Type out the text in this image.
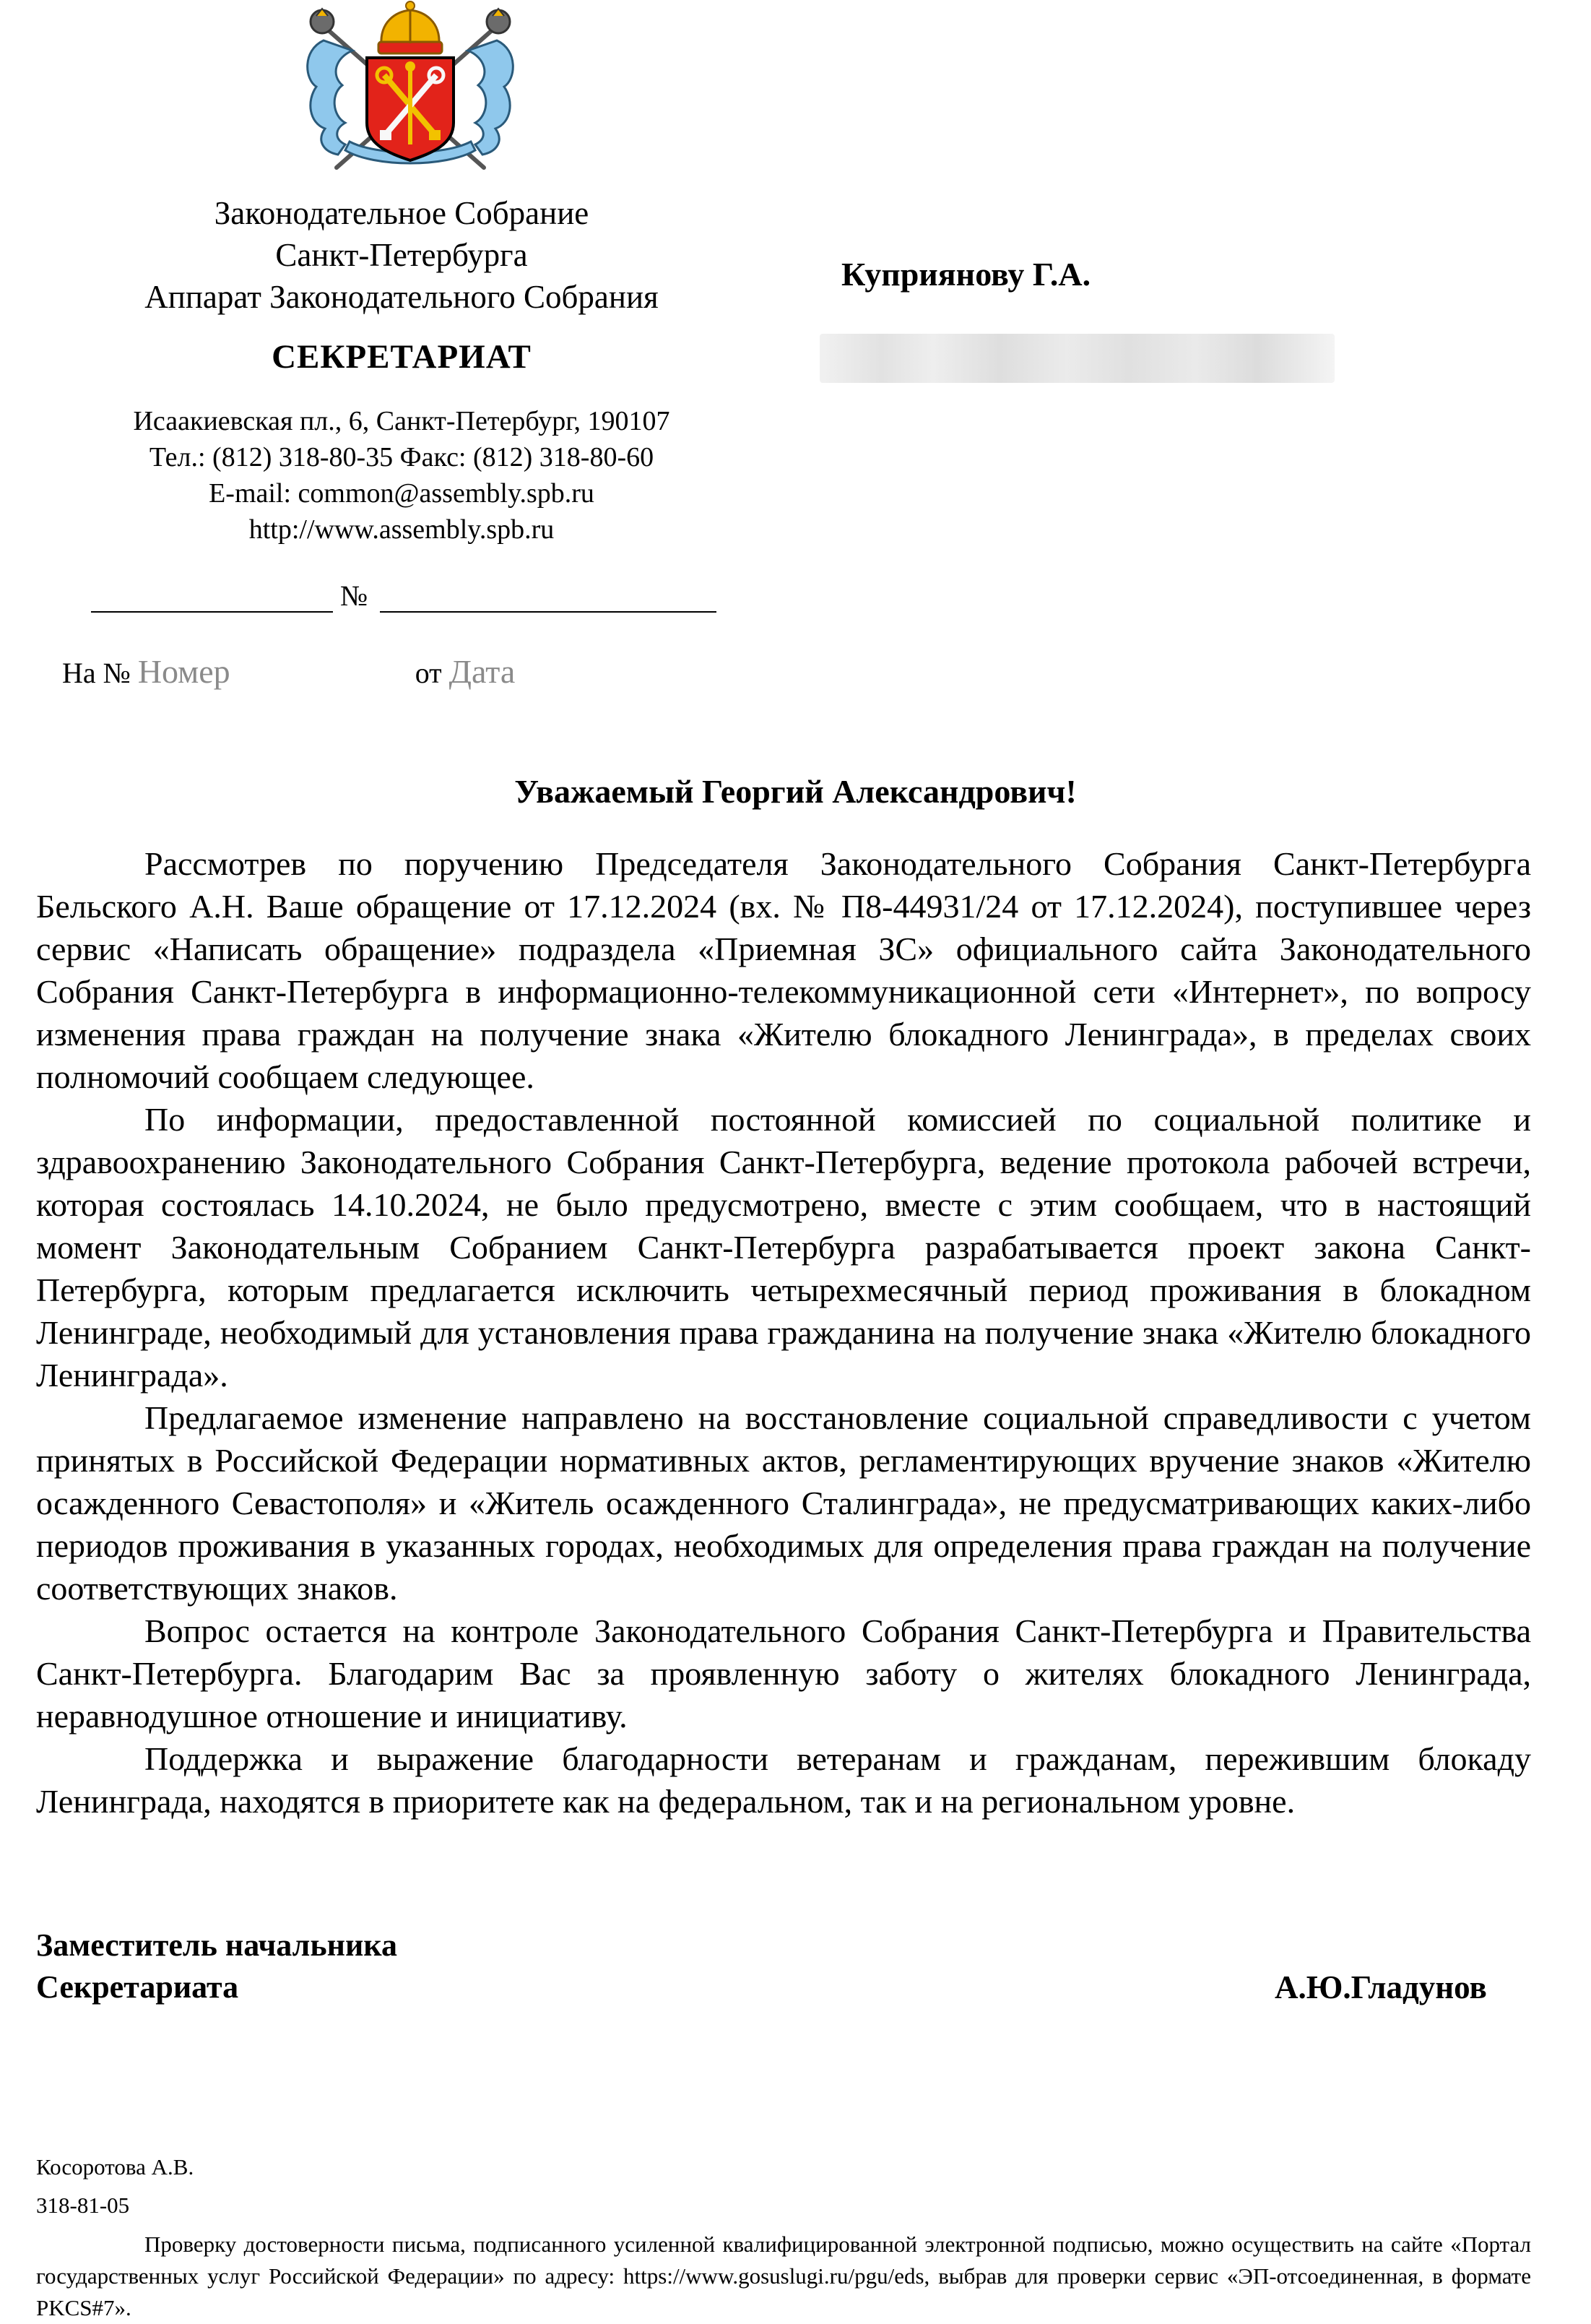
Законодательное Собрание
Санкт-Петербурга
Аппарат Законодательного Собрания
СЕКРЕТАРИАТ
Исаакиевская пл., 6, Санкт-Петербург, 190107
Тел.: (812) 318-80-35 Факс: (812) 318-80-60
E-mail: common@assembly.spb.ru
http://www.assembly.spb.ru
№
На № Номер	от Дата
Куприянову Г.А.
Уважаемый Георгий Александрович!

Рассмотрев по поручению Председателя Законодательного Собрания Санкт-Петербурга Бельского А.Н. Ваше обращение от 17.12.2024 (вх. № П8-44931/24 от 17.12.2024), поступившее через сервис «Написать обращение» подраздела «Приемная ЗС» официального сайта Законодательного Собрания Санкт-Петербурга в информационно-телекоммуникационной сети «Интернет», по вопросу изменения права граждан на получение знака «Жителю блокадного Ленинграда», в пределах своих полномочий сообщаем следующее.

По информации, предоставленной постоянной комиссией по социальной политике и здравоохранению Законодательного Собрания Санкт-Петербурга, ведение протокола рабочей встречи, которая состоялась 14.10.2024, не было предусмотрено, вместе с этим сообщаем, что в настоящий момент Законодательным Собранием Санкт-Петербурга разрабатывается проект закона Санкт-Петербурга, которым предлагается исключить четырехмесячный период проживания в блокадном Ленинграде, необходимый для установления права гражданина на получение знака «Жителю блокадного Ленинграда».

Предлагаемое изменение направлено на восстановление социальной справедливости с учетом принятых в Российской Федерации нормативных актов, регламентирующих вручение знаков «Жителю осажденного Севастополя» и «Житель осажденного Сталинграда», не предусматривающих каких-либо периодов проживания в указанных городах, необходимых для определения права граждан на получение соответствующих знаков.

Вопрос остается на контроле Законодательного Собрания Санкт-Петербурга и Правительства Санкт-Петербурга. Благодарим Вас за проявленную заботу о жителях блокадного Ленинграда, неравнодушное отношение и инициативу.

Поддержка и выражение благодарности ветеранам и гражданам, пережившим блокаду Ленинграда, находятся в приоритете как на федеральном, так и на региональном уровне.

Заместитель начальника
Секретариата	А.Ю.Гладунов
Косоротова А.В.
318-81-05
Проверку достоверности письма, подписанного усиленной квалифицированной электронной подписью, можно осуществить на сайте «Портал государственных услуг Российской Федерации» по адресу: https://www.gosuslugi.ru/pgu/eds, выбрав для проверки сервис «ЭП-отсоединенная, в формате PKCS#7».
